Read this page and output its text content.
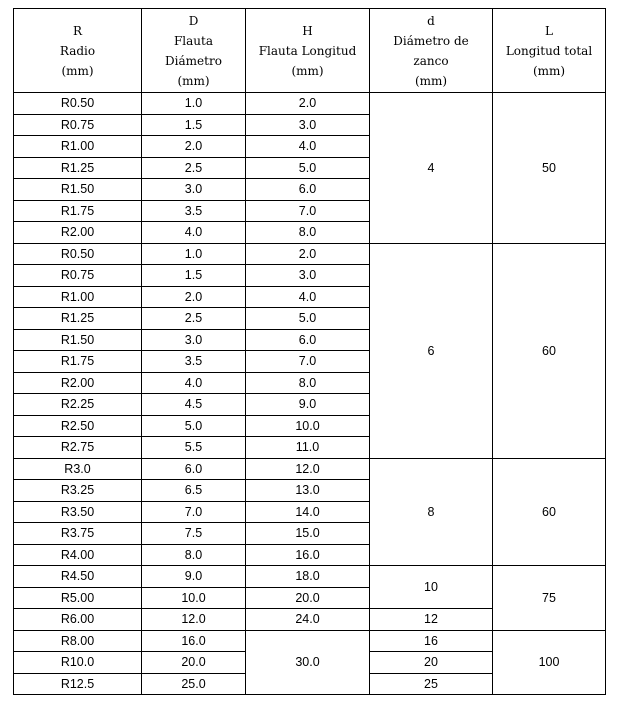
R
Radio
(mm)	D
Flauta
Diámetro
(mm)	H
Flauta Longitud
(mm)	d
Diámetro de
zanco
(mm)	L
Longitud total
(mm)

R0.50	1.0	2.0	4	50
R0.75	1.5	3.0		
R1.00	2.0	4.0		
R1.25	2.5	5.0		
R1.50	3.0	6.0		
R1.75	3.5	7.0		
R2.00	4.0	8.0		
R0.50	1.0	2.0	6	60
R0.75	1.5	3.0		
R1.00	2.0	4.0		
R1.25	2.5	5.0		
R1.50	3.0	6.0		
R1.75	3.5	7.0		
R2.00	4.0	8.0		
R2.25	4.5	9.0		
R2.50	5.0	10.0		
R2.75	5.5	11.0		
R3.0	6.0	12.0	8	60
R3.25	6.5	13.0		
R3.50	7.0	14.0		
R3.75	7.5	15.0		
R4.00	8.0	16.0		
R4.50	9.0	18.0	10	75
R5.00	10.0	20.0		
R6.00	12.0	24.0	12	
R8.00	16.0	30.0	16	100
R10.0	20.0		20	
R12.5	25.0		25	
